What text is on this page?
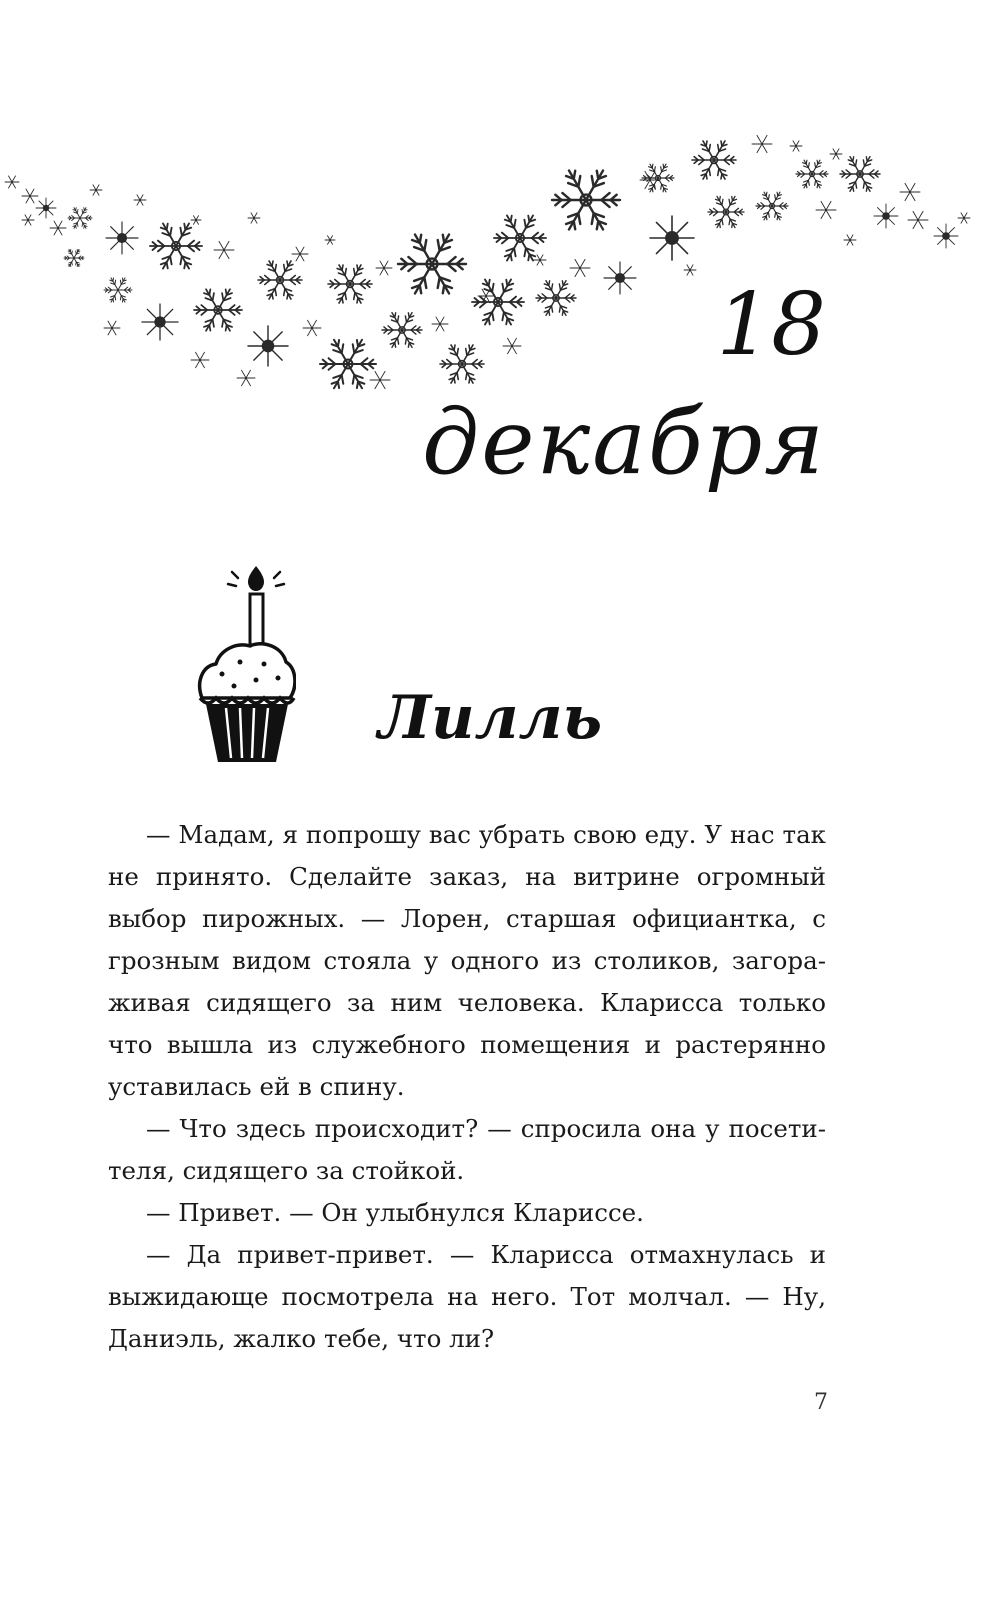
18
декабря
Лилль

— Мадам, я попрошу вас убрать свою еду. У нас так не принято. Сделайте заказ, на витрине огромный выбор пирожных. — Лорен, старшая официантка, с грозным видом стояла у одного из столиков, загораживая сидящего за ним человека. Кларисса только что вышла из служебного помещения и растерянно уставилась ей в спину.

— Что здесь происходит? — спросила она у посетителя, сидящего за стойкой.

— Привет. — Он улыбнулся Клариссе.

— Да привет-привет. — Кларисса отмахнулась и выжидающе посмотрела на него. Тот молчал. — Ну, Даниэль, жалко тебе, что ли?

7
